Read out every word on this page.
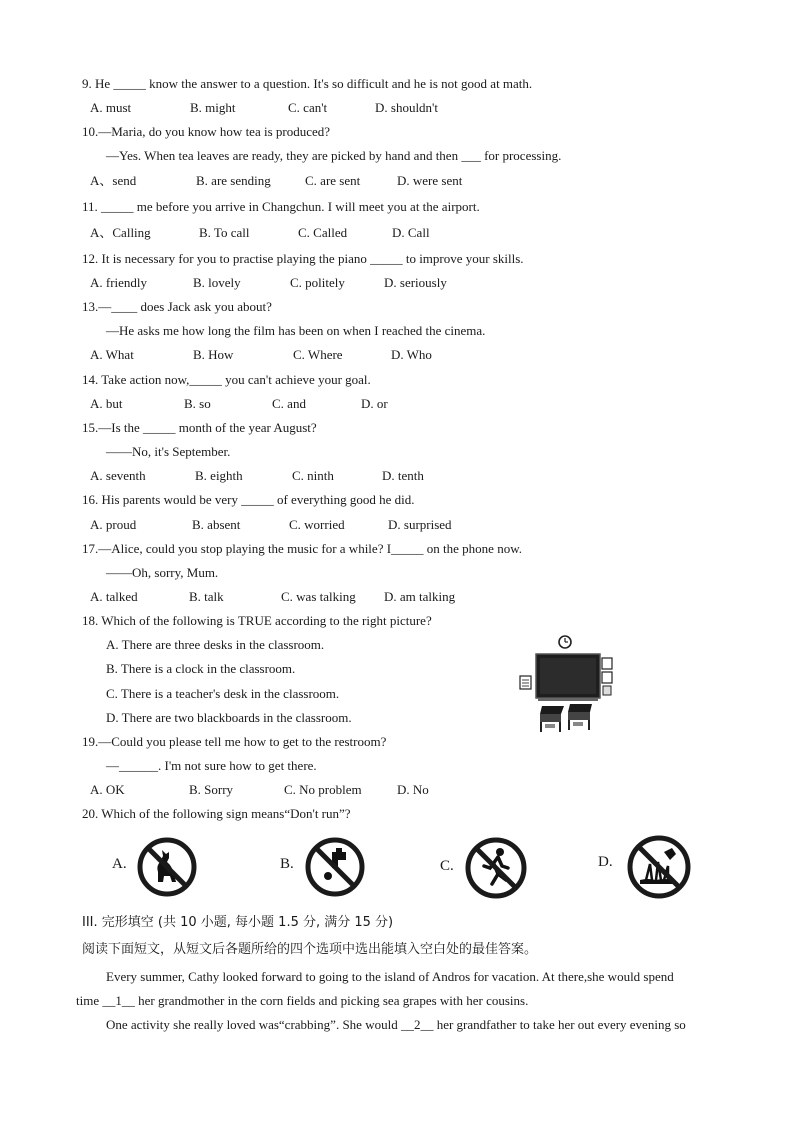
9. He _____ know the answer to a question. It's so difficult and he is not good at math.
A. must	B. might	C. can't	D. shouldn't
10.—Maria, do you know how tea is produced?
—Yes. When tea leaves are ready, they are picked by hand and then ___ for processing.
A、send	B. are sending	C. are sent	D. were sent
11. _____ me before you arrive in Changchun. I will meet you at the airport.
A、Calling	B. To call	C. Called	D. Call
12. It is necessary for you to practise playing the piano _____ to improve your skills.
A. friendly	B. lovely	C. politely	D. seriously
13.—____ does Jack ask you about?
—He asks me how long the film has been on when I reached the cinema.
A. What	B. How	C. Where	D. Who
14. Take action now,_____ you can't achieve your goal.
A. but	B. so	C. and	D. or
15.—Is the _____ month of the year August?
——No, it's September.
A. seventh	B. eighth	C. ninth	D. tenth
16. His parents would be very _____ of everything good he did.
A. proud	B. absent	C. worried	D. surprised
17.—Alice, could you stop playing the music for a while? I_____ on the phone now.
——Oh, sorry, Mum.
A. talked	B. talk	C. was talking D. am talking
18. Which of the following is TRUE according to the right picture?
A. There are three desks in the classroom.
B. There is a clock in the classroom.
C. There is a teacher's desk in the classroom.
D. There are two blackboards in the classroom.
19.—Could you please tell me how to get to the restroom?
—______. I'm not sure how to get there.
A. OK	B. Sorry	C. No problem	D. No
20. Which of the following sign means“Don't run”?
A.	B.	C.	D.
III. 完形填空 (共 10 小题, 每小题 1.5 分, 满分 15 分)
阅读下面短文，从短文后各题所给的四个选项中选出能填入空白处的最佳答案。
Every summer, Cathy looked forward to going to the island of Andros for vacation. At there,she would spend
time __1__ her grandmother in the corn fields and picking sea grapes with her cousins.
One activity she really loved was“crabbing”. She would __2__ her grandfather to take her out every evening so
